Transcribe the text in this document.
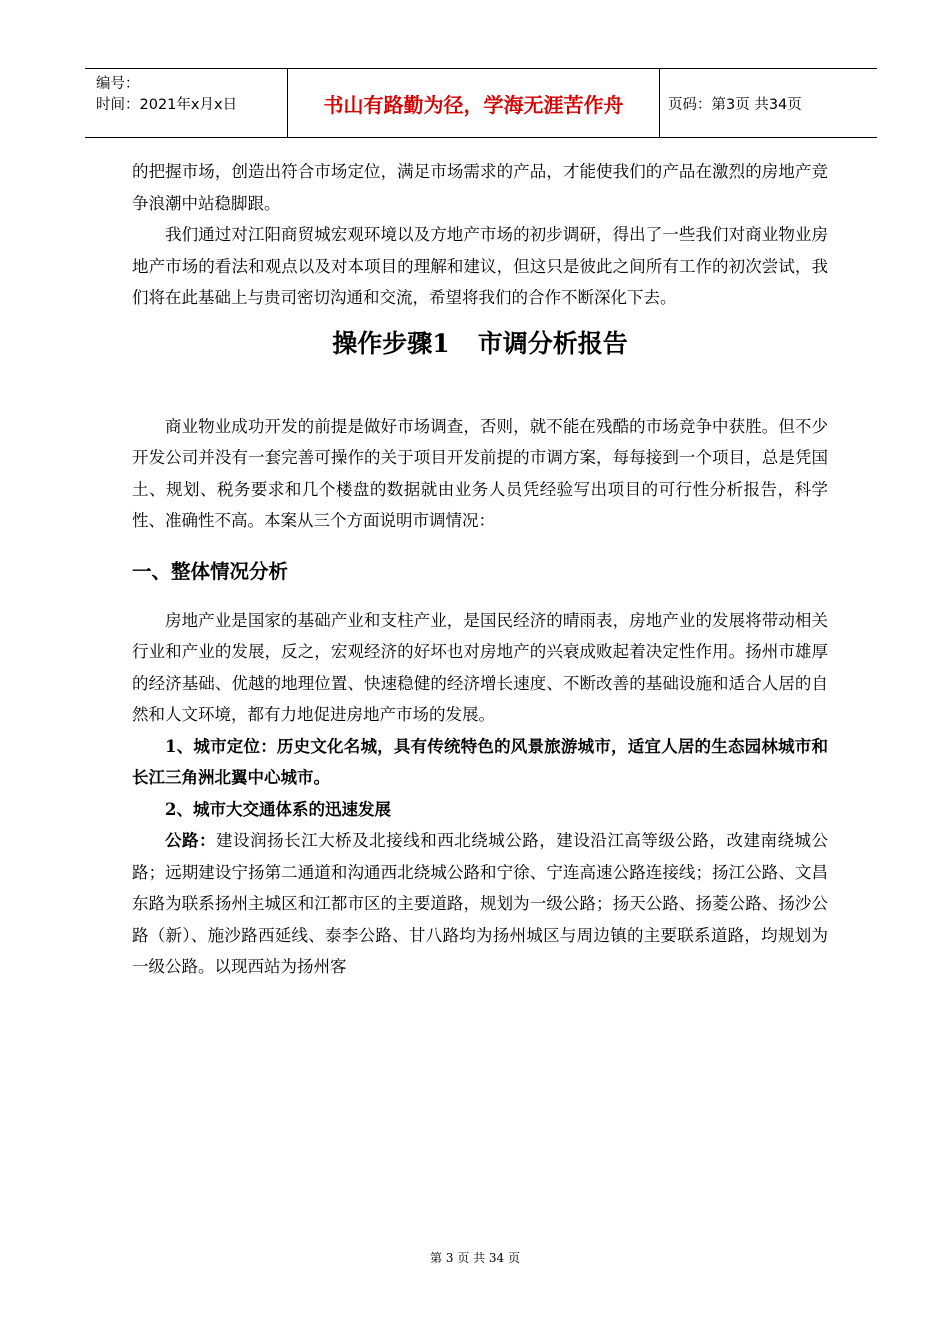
编号：
时间：2021年x月x日	书山有路勤为径，学海无涯苦作舟	页码：第3页 共34页

的把握市场，创造出符合市场定位，满足市场需求的产品，才能使我们的产品在激烈的房地产竞争浪潮中站稳脚跟。

我们通过对江阳商贸城宏观环境以及方地产市场的初步调研，得出了一些我们对商业物业房地产市场的看法和观点以及对本项目的理解和建议，但这只是彼此之间所有工作的初次尝试，我们将在此基础上与贵司密切沟通和交流，希望将我们的合作不断深化下去。

操作步骤1 市调分析报告

商业物业成功开发的前提是做好市场调查，否则，就不能在残酷的市场竞争中获胜。但不少开发公司并没有一套完善可操作的关于项目开发前提的市调方案，每每接到一个项目，总是凭国土、规划、税务要求和几个楼盘的数据就由业务人员凭经验写出项目的可行性分析报告，科学性、准确性不高。本案从三个方面说明市调情况：

一、整体情况分析

房地产业是国家的基础产业和支柱产业，是国民经济的晴雨表，房地产业的发展将带动相关行业和产业的发展，反之，宏观经济的好坏也对房地产的兴衰成败起着决定性作用。扬州市雄厚的经济基础、优越的地理位置、快速稳健的经济增长速度、不断改善的基础设施和适合人居的自然和人文环境，都有力地促进房地产市场的发展。

1、城市定位：历史文化名城，具有传统特色的风景旅游城市，适宜人居的生态园林城市和长江三角洲北翼中心城市。

2、城市大交通体系的迅速发展

公路：建设润扬长江大桥及北接线和西北绕城公路，建设沿江高等级公路，改建南绕城公路；远期建设宁扬第二通道和沟通西北绕城公路和宁徐、宁连高速公路连接线；扬江公路、文昌东路为联系扬州主城区和江都市区的主要道路，规划为一级公路；扬天公路、扬菱公路、扬沙公路（新）、施沙路西延线、泰李公路、甘八路均为扬州城区与周边镇的主要联系道路，均规划为一级公路。以现西站为扬州客

第 3 页 共 34 页
